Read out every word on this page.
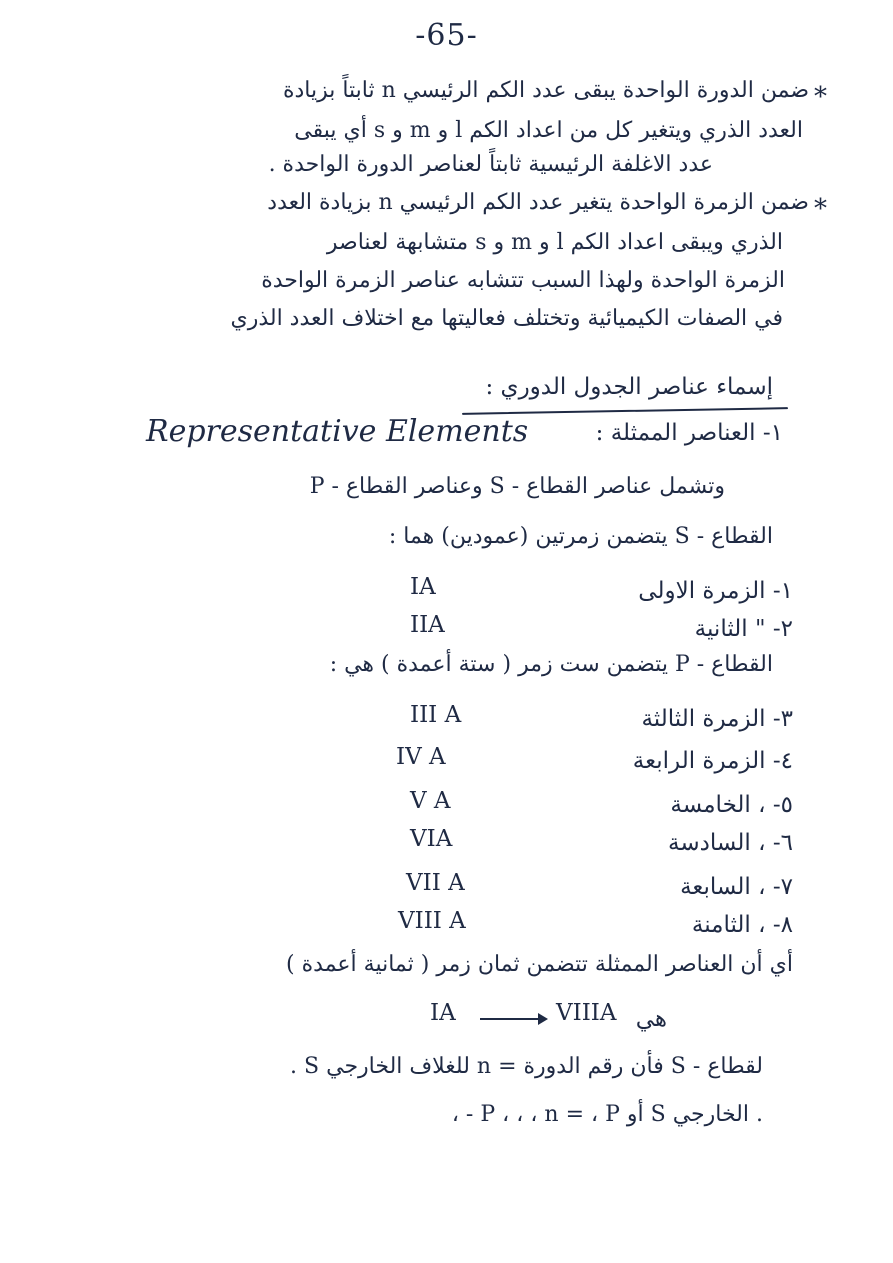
-65-
*
ضمن الدورة الواحدة يبقى عدد الكم الرئيسي n ثابتاً بزيادة
العدد الذري ويتغير كل من اعداد الكم l و m و s أي يبقى
عدد الاغلفة الرئيسية ثابتاً لعناصر الدورة الواحدة .
*
ضمن الزمرة الواحدة يتغير عدد الكم الرئيسي n بزيادة العدد
الذري ويبقى اعداد الكم l و m و s متشابهة لعناصر
الزمرة الواحدة ولهذا السبب تتشابه عناصر الزمرة الواحدة
في الصفات الكيميائية وتختلف فعاليتها مع اختلاف العدد الذري
إسماء عناصر الجدول الدوري :
١- العناصر الممثلة :
Representative Elements
وتشمل عناصر القطاع - S وعناصر القطاع - P
القطاع - S يتضمن زمرتين (عمودين) هما :
١- الزمرة الاولى
IA
٢- " الثانية
IIA
القطاع - P يتضمن ست زمر ( ستة أعمدة ) هي :
٣- الزمرة الثالثة
III A
٤- الزمرة الرابعة
IV A
٥- ، الخامسة
V A
٦- ، السادسة
VIA
٧- ، السابعة
VII A
٨- ، الثامنة
VIII A
أي أن العناصر الممثلة تتضمن ثمان زمر ( ثمانية أعمدة )
هي
IA	VIIIA
لقطاع - S فأن رقم الدورة = n للغلاف الخارجي S .
، - P ، ، ، n = ، P أو S الخارجي .
